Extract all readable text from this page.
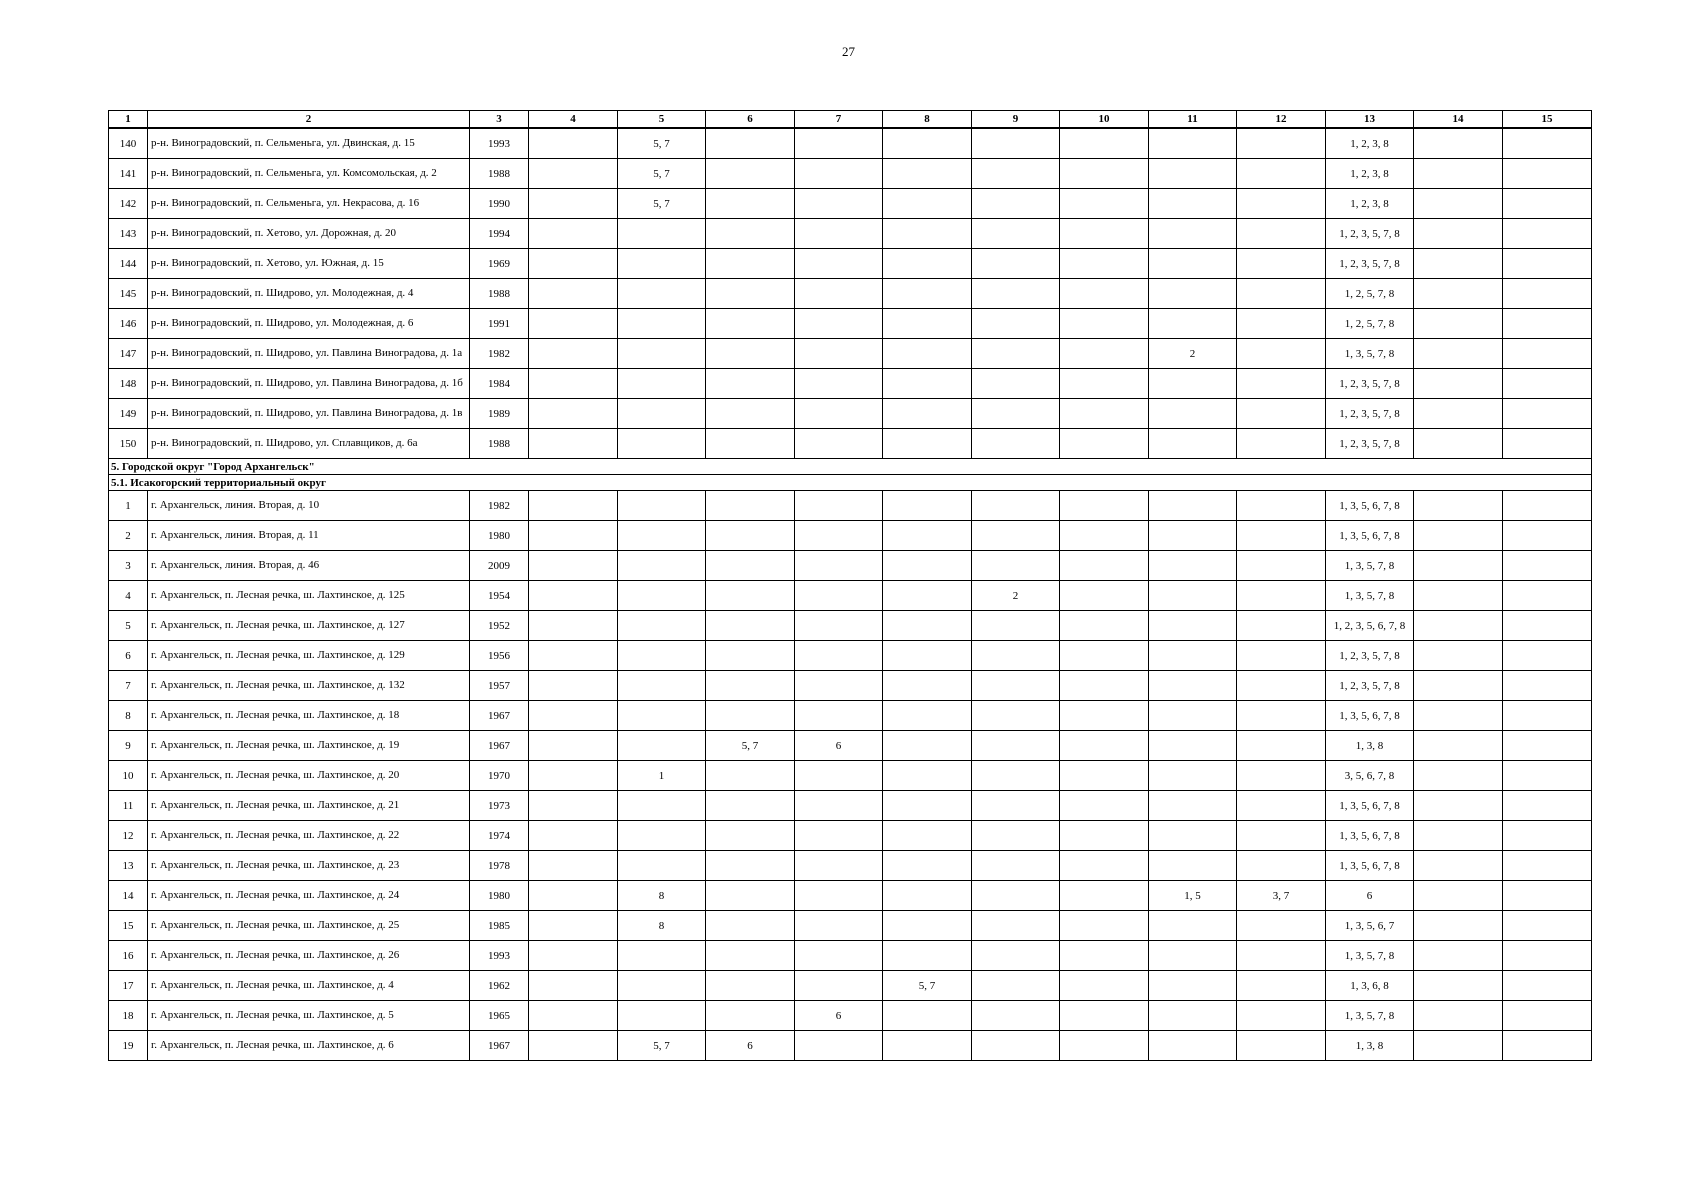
27
1	2	3	4	5	6	7	8	9	10	11	12	13	14	15
140	р-н. Виноградовский, п. Сельменьга, ул. Двинская, д. 15	1993		5, 7								1, 2, 3, 8		
141	р-н. Виноградовский, п. Сельменьга, ул. Комсомольская, д. 2	1988		5, 7								1, 2, 3, 8		
142	р-н. Виноградовский, п. Сельменьга, ул. Некрасова, д. 16	1990		5, 7								1, 2, 3, 8		
143	р-н. Виноградовский, п. Хетово, ул. Дорожная, д. 20	1994										1, 2, 3, 5, 7, 8		
144	р-н. Виноградовский, п. Хетово, ул. Южная, д. 15	1969										1, 2, 3, 5, 7, 8		
145	р-н. Виноградовский, п. Шидрово, ул. Молодежная, д. 4	1988										1, 2, 5, 7, 8		
146	р-н. Виноградовский, п. Шидрово, ул. Молодежная, д. 6	1991										1, 2, 5, 7, 8		
147	р-н. Виноградовский, п. Шидрово, ул. Павлина Виноградова, д. 1а	1982								2		1, 3, 5, 7, 8		
148	р-н. Виноградовский, п. Шидрово, ул. Павлина Виноградова, д. 1б	1984										1, 2, 3, 5, 7, 8		
149	р-н. Виноградовский, п. Шидрово, ул. Павлина Виноградова, д. 1в	1989										1, 2, 3, 5, 7, 8		
150	р-н. Виноградовский, п. Шидрово, ул. Сплавщиков, д. 6а	1988										1, 2, 3, 5, 7, 8		
5. Городской округ "Город Архангельск"														
5.1. Исакогорский территориальный округ														
1	г. Архангельск, линия. Вторая, д. 10	1982										1, 3, 5, 6, 7, 8		
2	г. Архангельск, линия. Вторая, д. 11	1980										1, 3, 5, 6, 7, 8		
3	г. Архангельск, линия. Вторая, д. 46	2009										1, 3, 5, 7, 8		
4	г. Архангельск, п. Лесная речка, ш. Лахтинское, д. 125	1954						2				1, 3, 5, 7, 8		
5	г. Архангельск, п. Лесная речка, ш. Лахтинское, д. 127	1952										1, 2, 3, 5, 6, 7, 8		
6	г. Архангельск, п. Лесная речка, ш. Лахтинское, д. 129	1956										1, 2, 3, 5, 7, 8		
7	г. Архангельск, п. Лесная речка, ш. Лахтинское, д. 132	1957										1, 2, 3, 5, 7, 8		
8	г. Архангельск, п. Лесная речка, ш. Лахтинское, д. 18	1967										1, 3, 5, 6, 7, 8		
9	г. Архангельск, п. Лесная речка, ш. Лахтинское, д. 19	1967			5, 7	6						1, 3, 8		
10	г. Архангельск, п. Лесная речка, ш. Лахтинское, д. 20	1970		1								3, 5, 6, 7, 8		
11	г. Архангельск, п. Лесная речка, ш. Лахтинское, д. 21	1973										1, 3, 5, 6, 7, 8		
12	г. Архангельск, п. Лесная речка, ш. Лахтинское, д. 22	1974										1, 3, 5, 6, 7, 8		
13	г. Архангельск, п. Лесная речка, ш. Лахтинское, д. 23	1978										1, 3, 5, 6, 7, 8		
14	г. Архангельск, п. Лесная речка, ш. Лахтинское, д. 24	1980		8						1, 5	3, 7	6		
15	г. Архангельск, п. Лесная речка, ш. Лахтинское, д. 25	1985		8								1, 3, 5, 6, 7		
16	г. Архангельск, п. Лесная речка, ш. Лахтинское, д. 26	1993										1, 3, 5, 7, 8		
17	г. Архангельск, п. Лесная речка, ш. Лахтинское, д. 4	1962					5, 7					1, 3, 6, 8		
18	г. Архангельск, п. Лесная речка, ш. Лахтинское, д. 5	1965				6						1, 3, 5, 7, 8		
19	г. Архангельск, п. Лесная речка, ш. Лахтинское, д. 6	1967		5, 7	6							1, 3, 8		
